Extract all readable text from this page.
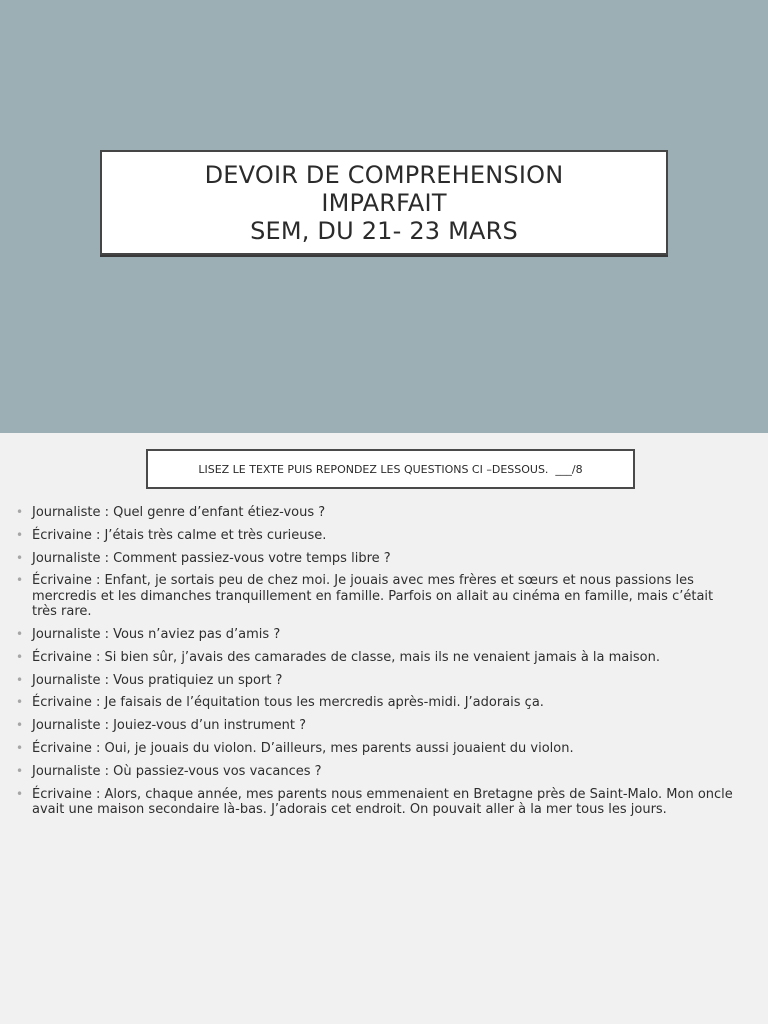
DEVOIR DE COMPREHENSION
IMPARFAIT
SEM, DU 21- 23 MARS
LISEZ LE TEXTE PUIS REPONDEZ LES QUESTIONS CI –DESSOUS.  ___/8
• Journaliste : Quel genre d’enfant étiez-vous ?
• Écrivaine : J’étais très calme et très curieuse.
• Journaliste : Comment passiez-vous votre temps libre ?
• Écrivaine : Enfant, je sortais peu de chez moi. Je jouais avec mes frères et sœurs et nous passions les mercredis et les dimanches tranquillement en famille. Parfois on allait au cinéma en famille, mais c’était très rare.
• Journaliste : Vous n’aviez pas d’amis ?
• Écrivaine : Si bien sûr, j’avais des camarades de classe, mais ils ne venaient jamais à la maison.
• Journaliste : Vous pratiquiez un sport ?
• Écrivaine : Je faisais de l’équitation tous les mercredis après-midi. J’adorais ça.
• Journaliste : Jouiez-vous d’un instrument ?
• Écrivaine : Oui, je jouais du violon. D’ailleurs, mes parents aussi jouaient du violon.
• Journaliste : Où passiez-vous vos vacances ?
• Écrivaine : Alors, chaque année, mes parents nous emmenaient en Bretagne près de Saint-Malo. Mon oncle avait une maison secondaire là-bas. J’adorais cet endroit. On pouvait aller à la mer tous les jours.
